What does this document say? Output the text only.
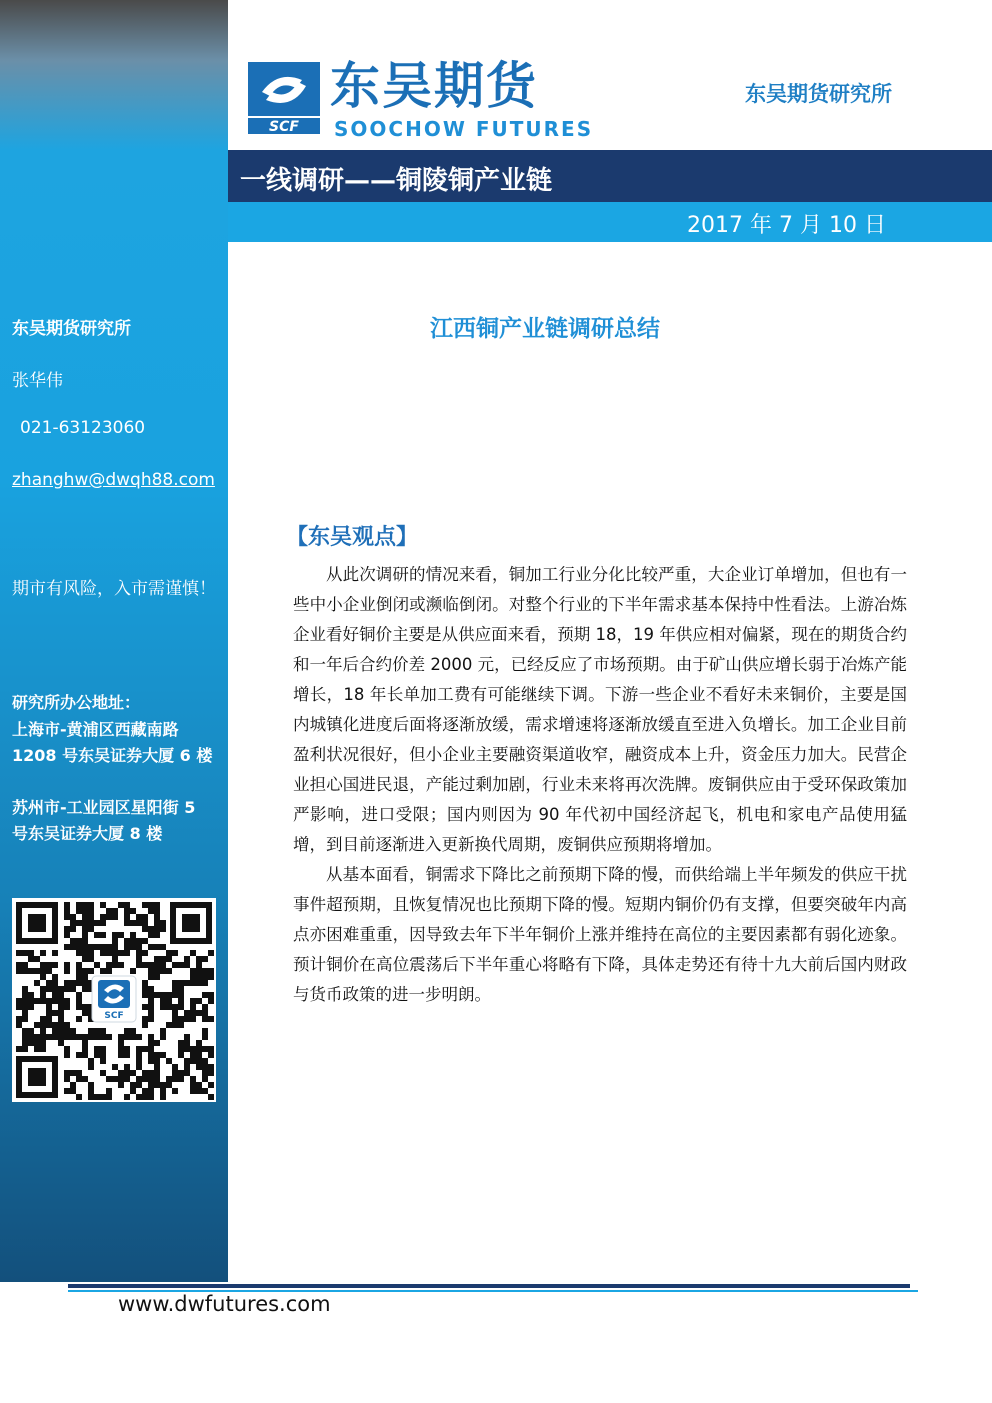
东吴期货研究所
张华伟
021-63123060
zhanghw@dwqh88.com
期市有风险，入市需谨慎！
研究所办公地址：
上海市-黄浦区西藏南路
1208 号东吴证券大厦 6 楼
苏州市-工业园区星阳街 5
号东吴证券大厦 8 楼
SCF
SCF
东吴期货
SOOCHOW FUTURES
东吴期货研究所
一线调研——铜陵铜产业链
2017 年 7 月 10 日
江西铜产业链调研总结
【东吴观点】

从此次调研的情况来看，铜加工行业分化比较严重，大企业订单增加，但也有一些中小企业倒闭或濒临倒闭。对整个行业的下半年需求基本保持中性看法。上游冶炼企业看好铜价主要是从供应面来看，预期 18，19 年供应相对偏紧，现在的期货合约和一年后合约价差 2000 元，已经反应了市场预期。由于矿山供应增长弱于冶炼产能增长，18 年长单加工费有可能继续下调。下游一些企业不看好未来铜价，主要是国内城镇化进度后面将逐渐放缓，需求增速将逐渐放缓直至进入负增长。加工企业目前盈利状况很好，但小企业主要融资渠道收窄，融资成本上升，资金压力加大。民营企业担心国进民退，产能过剩加剧，行业未来将再次洗牌。废铜供应由于受环保政策加严影响，进口受限；国内则因为 90 年代初中国经济起飞，机电和家电产品使用猛增，到目前逐渐进入更新换代周期，废铜供应预期将增加。

从基本面看，铜需求下降比之前预期下降的慢，而供给端上半年频发的供应干扰事件超预期，且恢复情况也比预期下降的慢。短期内铜价仍有支撑，但要突破年内高点亦困难重重，因导致去年下半年铜价上涨并维持在高位的主要因素都有弱化迹象。预计铜价在高位震荡后下半年重心将略有下降，具体走势还有待十九大前后国内财政与货币政策的进一步明朗。

www.dwfutures.com
